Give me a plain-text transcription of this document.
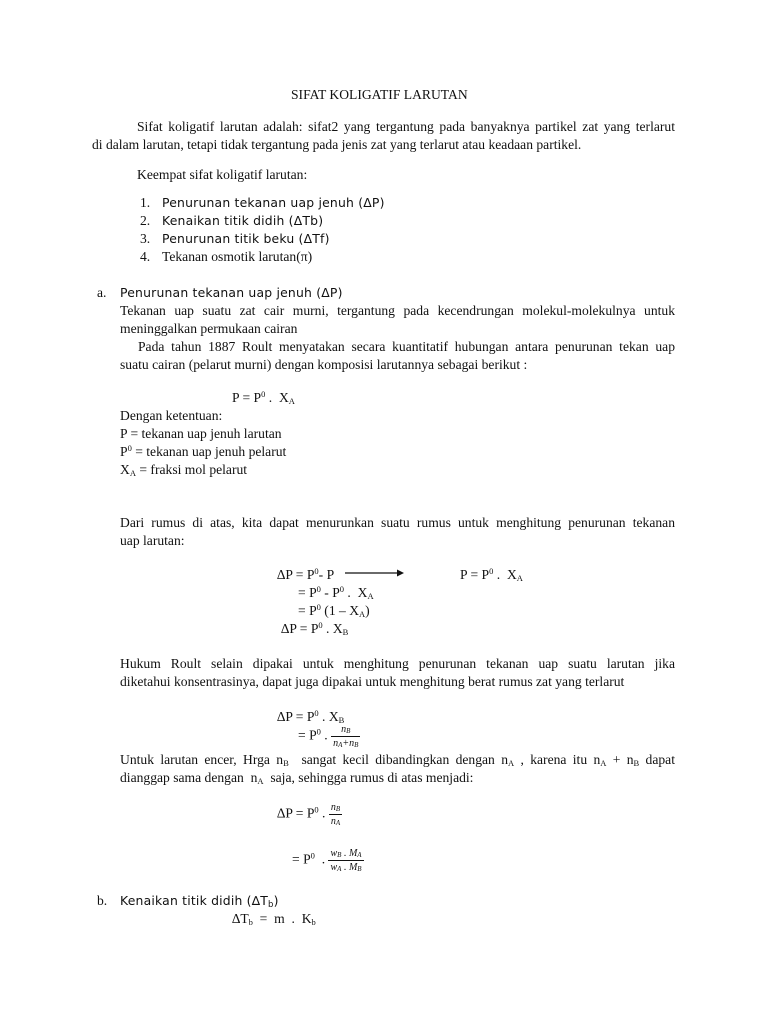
SIFAT KOLIGATIF LARUTAN
Sifat koligatif larutan adalah: sifat2 yang tergantung pada banyaknya partikel zat yang terlarut
di dalam larutan, tetapi tidak tergantung pada jenis zat yang terlarut atau keadaan partikel.
Keempat sifat koligatif larutan:
1. Penurunan tekanan uap jenuh (ΔP)
2. Kenaikan titik didih (ΔTb)
3. Penurunan titik beku (ΔTf)
4. Tekanan osmotik larutan(π)
a. Penurunan tekanan uap jenuh (ΔP)
Tekanan uap suatu zat cair murni, tergantung pada kecendrungan molekul-molekulnya untuk
meninggalkan permukaan cairan
Pada tahun 1887 Roult menyatakan secara kuantitatif hubungan antara penurunan tekan uap
suatu cairan (pelarut murni) dengan komposisi larutannya sebagai berikut :
$P = P^0$ .  $X_A$
Dengan ketentuan:
P = tekanan uap jenuh larutan
$P^0$ = tekanan uap jenuh pelarut
$X_A$ = fraksi mol pelarut
Dari rumus di atas, kita dapat menurunkan suatu rumus untuk menghitung penurunan tekanan
uap larutan:
$\Delta P = P^0-$ P	$P = P^0$ .  $X_A$
= $P^0 - P^0$ .  $X_A$
= $P^0$ $(1 - X_A)$
$\Delta P = P^0$ . $X_B$
Hukum Roult selain dipakai untuk menghitung penurunan tekanan uap suatu larutan jika
diketahui konsentrasinya, dapat juga dipakai untuk menghitung berat rumus zat yang terlarut
$\Delta P = P^0$ . $X_B$
= $P^0$ . $\frac{n_B}{n_A+n_B}$
Untuk larutan encer, Hrga $n_B$  sangat kecil dibandingkan dengan $n_A$ , karena itu $n_A + n_B$ dapat
dianggap sama dengan  $n_A$  saja, sehingga rumus di atas menjadi:
$\Delta P = P^0$ . $\frac{n_B}{n_A}$
= $P^0$  . $\frac{w_B . M_A}{w_A . M_B}$
b. Kenaikan titik didih $(\Delta T_b)$
$\Delta T_b = m$  .  $K_b$
